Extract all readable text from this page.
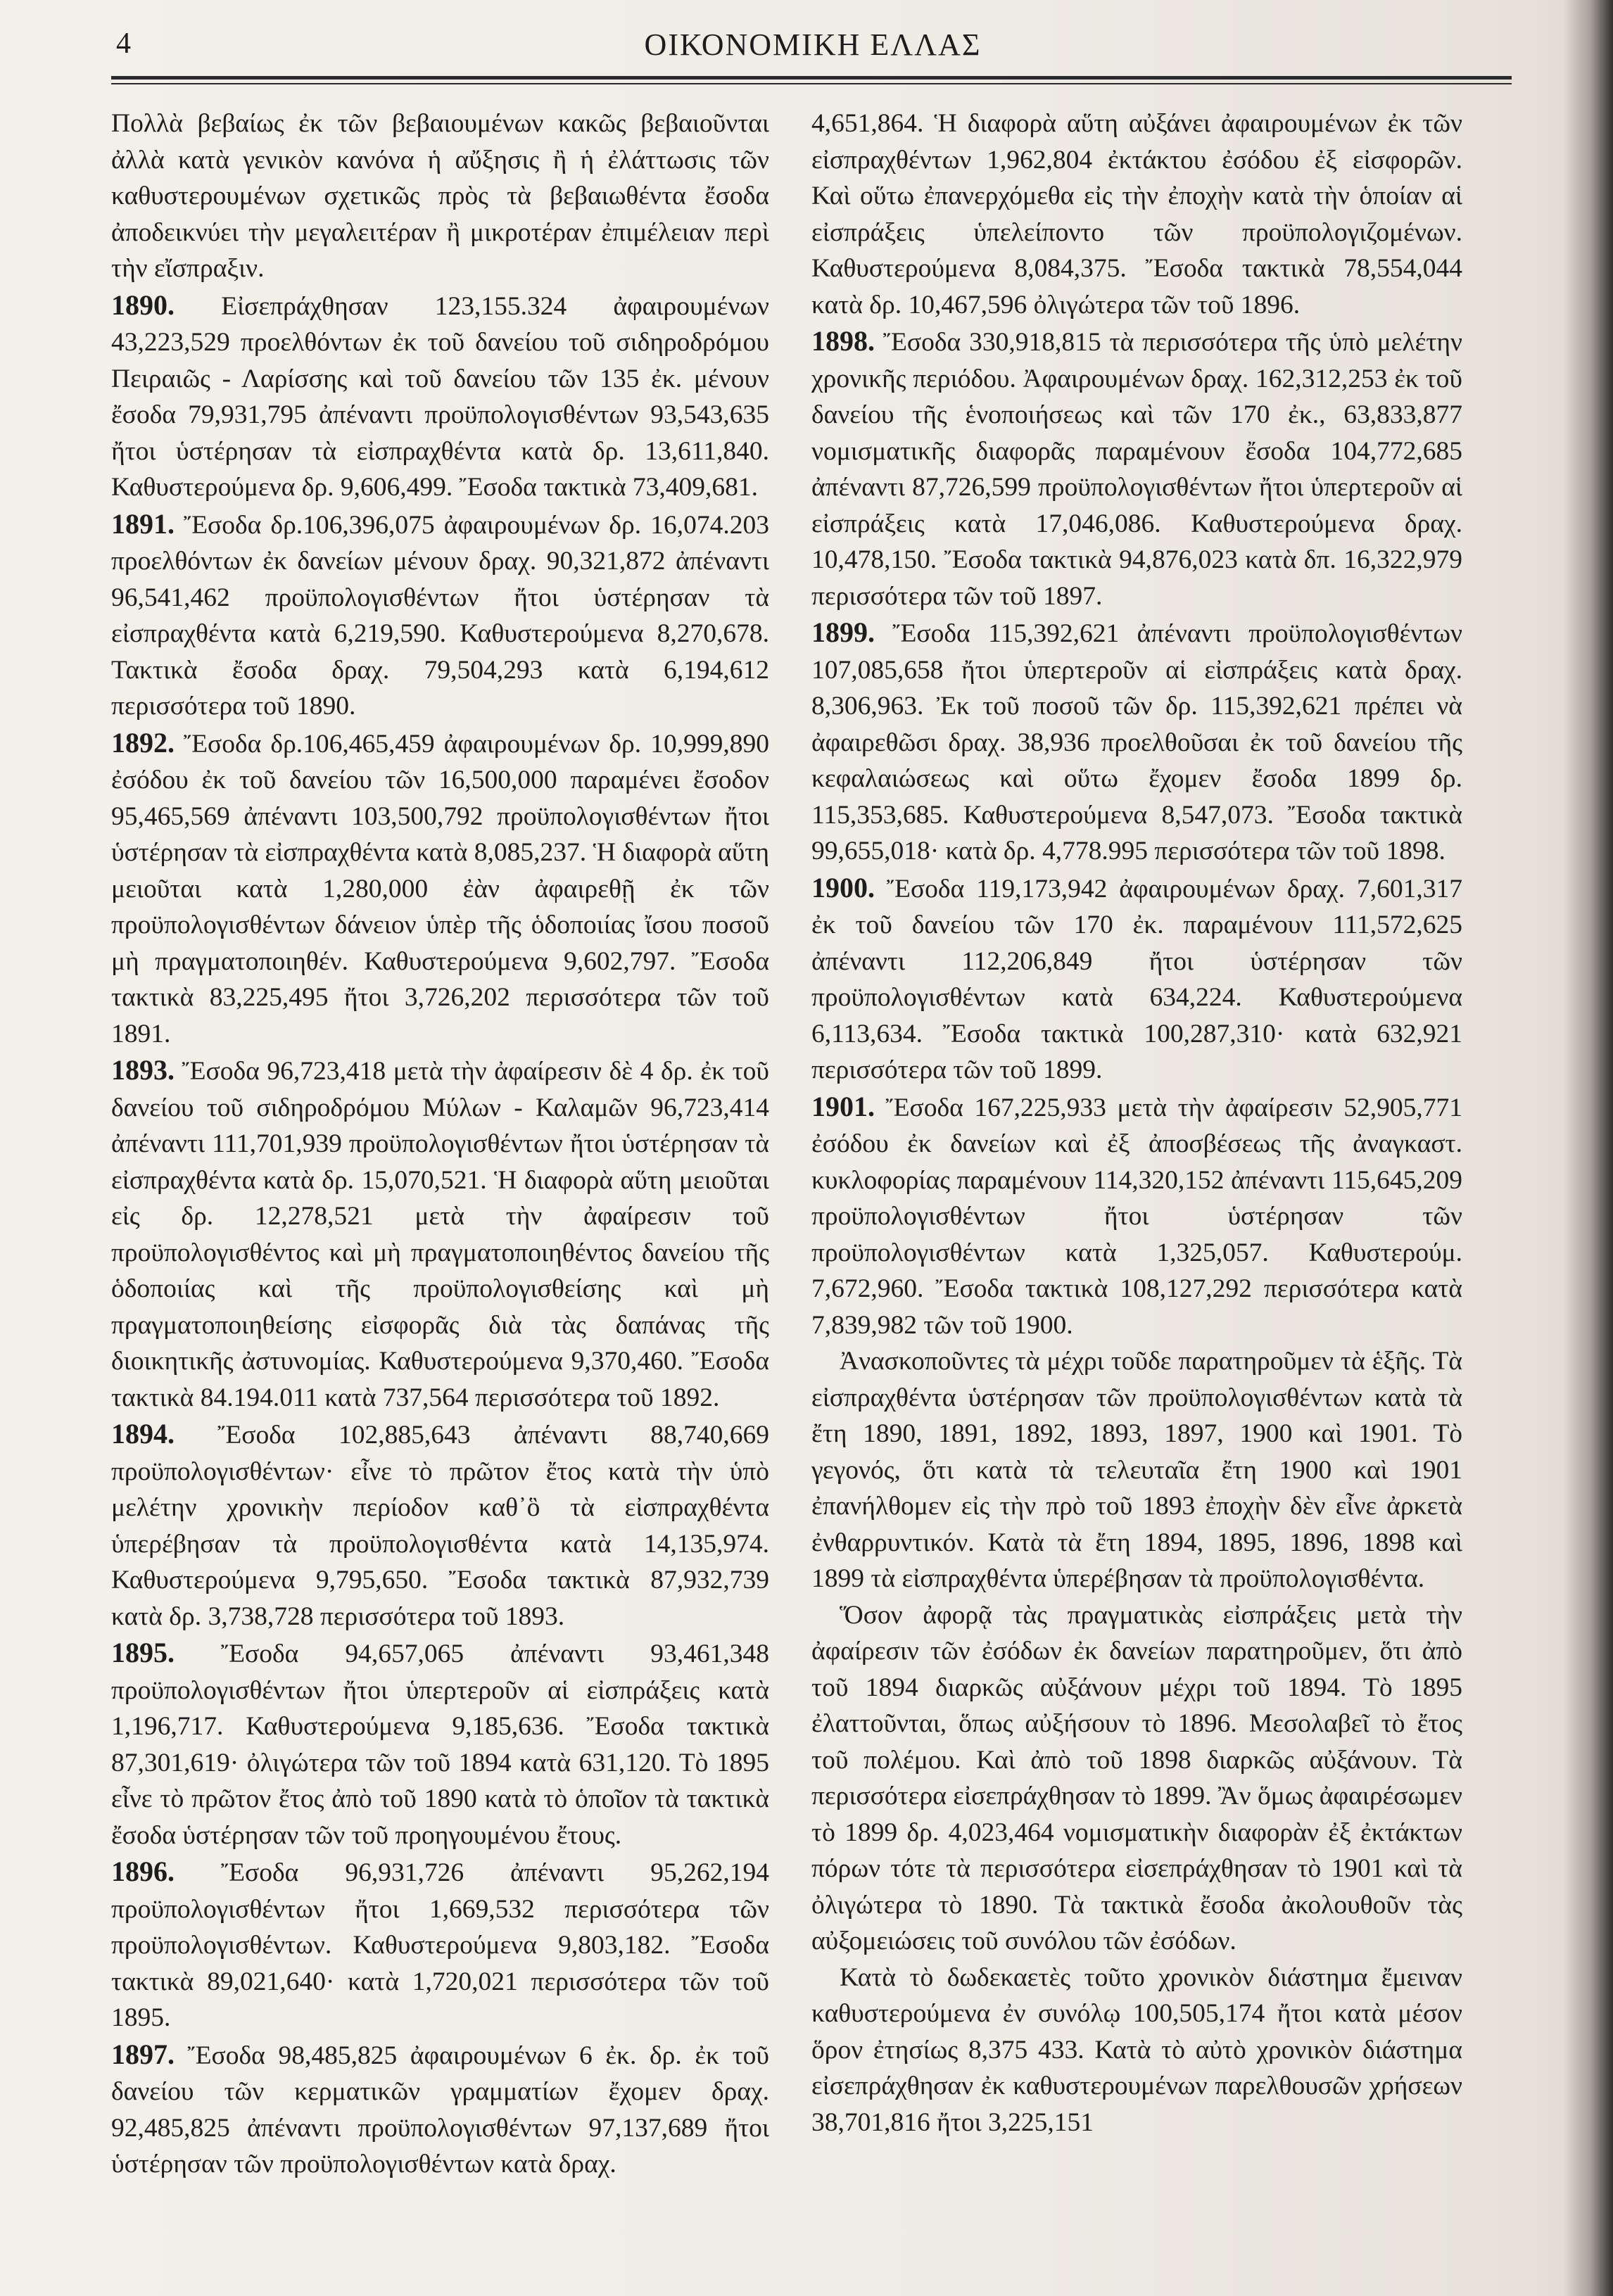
4	ΟΙΚΟΝΟΜΙΚΗ ΕΛΛΑΣ

Πολλὰ βεβαίως ἐκ τῶν βεβαιουμένων κακῶς βεβαιοῦνται ἀλλὰ κατὰ γενικὸν κανόνα ἡ αὔξησις ἢ ἡ ἐλάττωσις τῶν καθυστερουμένων σχετικῶς πρὸς τὰ βεβαιωθέντα ἔσοδα ἀποδεικνύει τὴν μεγαλειτέραν ἢ μικροτέραν ἐπιμέλειαν περὶ τὴν εἴσπραξιν.

1890. Εἰσεπράχθησαν 123,155.324 ἀφαιρουμένων 43,223,529 προελθόντων ἐκ τοῦ δανείου τοῦ σιδηροδρόμου Πειραιῶς - Λαρίσσης καὶ τοῦ δανείου τῶν 135 ἐκ. μένουν ἔσοδα 79,931,795 ἀπέναντι προϋπολογισθέντων 93,543,635 ἤτοι ὑστέρησαν τὰ εἰσπραχθέντα κατὰ δρ. 13,611,840. Καθυστερούμενα δρ. 9,606,499. Ἔσοδα τακτικὰ 73,409,681.

1891. Ἔσοδα δρ.106,396,075 ἀφαιρουμένων δρ. 16,074.203 προελθόντων ἐκ δανείων μένουν δραχ. 90,321,872 ἀπέναντι 96,541,462 προϋπολογισθέντων ἤτοι ὑστέρησαν τὰ εἰσπραχθέντα κατὰ 6,219,590. Καθυστερούμενα 8,270,678. Τακτικὰ ἔσοδα δραχ. 79,504,293 κατὰ 6,194,612 περισσότερα τοῦ 1890.

1892. Ἔσοδα δρ.106,465,459 ἀφαιρουμένων δρ. 10,999,890 ἐσόδου ἐκ τοῦ δανείου τῶν 16,500,000 παραμένει ἔσοδον 95,465,569 ἀπέναντι 103,500,792 προϋπολογισθέντων ἤτοι ὑστέρησαν τὰ εἰσπραχθέντα κατὰ 8,085,237. Ἡ διαφορὰ αὕτη μειοῦται κατὰ 1,280,000 ἐὰν ἀφαιρεθῇ ἐκ τῶν προϋπολογισθέντων δάνειον ὑπὲρ τῆς ὁδοποιίας ἴσου ποσοῦ μὴ πραγματοποιηθέν. Καθυστερούμενα 9,602,797. Ἔσοδα τακτικὰ 83,225,495 ἤτοι 3,726,202 περισσότερα τῶν τοῦ 1891.

1893. Ἔσοδα 96,723,418 μετὰ τὴν ἀφαίρεσιν δὲ 4 δρ. ἐκ τοῦ δανείου τοῦ σιδηροδρόμου Μύλων - Καλαμῶν 96,723,414 ἀπέναντι 111,701,939 προϋπολογισθέντων ἤτοι ὑστέρησαν τὰ εἰσπραχθέντα κατὰ δρ. 15,070,521. Ἡ διαφορὰ αὕτη μειοῦται εἰς δρ. 12,278,521 μετὰ τὴν ἀφαίρεσιν τοῦ προϋπολογισθέντος καὶ μὴ πραγματοποιηθέντος δανείου τῆς ὁδοποιίας καὶ τῆς προϋπολογισθείσης καὶ μὴ πραγματοποιηθείσης εἰσφορᾶς διὰ τὰς δαπάνας τῆς διοικητικῆς ἀστυνομίας. Καθυστερούμενα 9,370,460. Ἔσοδα τακτικὰ 84.194.011 κατὰ 737,564 περισσότερα τοῦ 1892.

1894. Ἔσοδα 102,885,643 ἀπέναντι 88,740,669 προϋπολογισθέντων· εἶνε τὸ πρῶτον ἔτος κατὰ τὴν ὑπὸ μελέτην χρονικὴν περίοδον καθ᾽ὃ τὰ εἰσπραχθέντα ὑπερέβησαν τὰ προϋπολογισθέντα κατὰ 14,135,974. Καθυστερούμενα 9,795,650. Ἔσοδα τακτικὰ 87,932,739 κατὰ δρ. 3,738,728 περισσότερα τοῦ 1893.

1895. Ἔσοδα 94,657,065 ἀπέναντι 93,461,348 προϋπολογισθέντων ἤτοι ὑπερτεροῦν αἱ εἰσπράξεις κατὰ 1,196,717. Καθυστερούμενα 9,185,636. Ἔσοδα τακτικὰ 87,301,619· ὀλιγώτερα τῶν τοῦ 1894 κατὰ 631,120. Τὸ 1895 εἶνε τὸ πρῶτον ἔτος ἀπὸ τοῦ 1890 κατὰ τὸ ὁποῖον τὰ τακτικὰ ἔσοδα ὑστέρησαν τῶν τοῦ προηγουμένου ἔτους.

1896. Ἔσοδα 96,931,726 ἀπέναντι 95,262,194 προϋπολογισθέντων ἤτοι 1,669,532 περισσότερα τῶν προϋπολογισθέντων. Καθυστερούμενα 9,803,182. Ἔσοδα τακτικὰ 89,021,640· κατὰ 1,720,021 περισσότερα τῶν τοῦ 1895.

1897. Ἔσοδα 98,485,825 ἀφαιρουμένων 6 ἐκ. δρ. ἐκ τοῦ δανείου τῶν κερματικῶν γραμματίων ἔχομεν δραχ. 92,485,825 ἀπέναντι προϋπολογισθέντων 97,137,689 ἤτοι ὑστέρησαν τῶν προϋπολογισθέντων κατὰ δραχ.

4,651,864. Ἡ διαφορὰ αὕτη αὐξάνει ἀφαιρουμένων ἐκ τῶν εἰσπραχθέντων 1,962,804 ἐκτάκτου ἐσόδου ἐξ εἰσφορῶν. Καὶ οὕτω ἐπανερχόμεθα εἰς τὴν ἐποχὴν κατὰ τὴν ὁποίαν αἱ εἰσπράξεις ὑπελείποντο τῶν προϋπολογιζομένων. Καθυστερούμενα 8,084,375. Ἔσοδα τακτικὰ 78,554,044 κατὰ δρ. 10,467,596 ὀλιγώτερα τῶν τοῦ 1896.

1898. Ἔσοδα 330,918,815 τὰ περισσότερα τῆς ὑπὸ μελέτην χρονικῆς περιόδου. Ἀφαιρουμένων δραχ. 162,312,253 ἐκ τοῦ δανείου τῆς ἑνοποιήσεως καὶ τῶν 170 ἐκ., 63,833,877 νομισματικῆς διαφορᾶς παραμένουν ἔσοδα 104,772,685 ἀπέναντι 87,726,599 προϋπολογισθέντων ἤτοι ὑπερτεροῦν αἱ εἰσπράξεις κατὰ 17,046,086. Καθυστερούμενα δραχ. 10,478,150. Ἔσοδα τακτικὰ 94,876,023 κατὰ δπ. 16,322,979 περισσότερα τῶν τοῦ 1897.

1899. Ἔσοδα 115,392,621 ἀπέναντι προϋπολογισθέντων 107,085,658 ἤτοι ὑπερτεροῦν αἱ εἰσπράξεις κατὰ δραχ. 8,306,963. Ἐκ τοῦ ποσοῦ τῶν δρ. 115,392,621 πρέπει νὰ ἀφαιρεθῶσι δραχ. 38,936 προελθοῦσαι ἐκ τοῦ δανείου τῆς κεφαλαιώσεως καὶ οὕτω ἔχομεν ἔσοδα 1899 δρ. 115,353,685. Καθυστερούμενα 8,547,073. Ἔσοδα τακτικὰ 99,655,018· κατὰ δρ. 4,778.995 περισσότερα τῶν τοῦ 1898.

1900. Ἔσοδα 119,173,942 ἀφαιρουμένων δραχ. 7,601,317 ἐκ τοῦ δανείου τῶν 170 ἐκ. παραμένουν 111,572,625 ἀπέναντι 112,206,849 ἤτοι ὑστέρησαν τῶν προϋπολογισθέντων κατὰ 634,224. Καθυστερούμενα 6,113,634. Ἔσοδα τακτικὰ 100,287,310· κατὰ 632,921 περισσότερα τῶν τοῦ 1899.

1901. Ἔσοδα 167,225,933 μετὰ τὴν ἀφαίρεσιν 52,905,771 ἐσόδου ἐκ δανείων καὶ ἐξ ἀποσβέσεως τῆς ἀναγκαστ. κυκλοφορίας παραμένουν 114,320,152 ἀπέναντι 115,645,209 προϋπολογισθέντων ἤτοι ὑστέρησαν τῶν προϋπολογισθέντων κατὰ 1,325,057. Καθυστερούμ. 7,672,960. Ἔσοδα τακτικὰ 108,127,292 περισσότερα κατὰ 7,839,982 τῶν τοῦ 1900.

Ἀνασκοποῦντες τὰ μέχρι τοῦδε παρατηροῦμεν τὰ ἑξῆς. Τὰ εἰσπραχθέντα ὑστέρησαν τῶν προϋπολογισθέντων κατὰ τὰ ἔτη 1890, 1891, 1892, 1893, 1897, 1900 καὶ 1901. Τὸ γεγονός, ὅτι κατὰ τὰ τελευταῖα ἔτη 1900 καὶ 1901 ἐπανήλθομεν εἰς τὴν πρὸ τοῦ 1893 ἐποχὴν δὲν εἶνε ἀρκετὰ ἐνθαρρυντικόν. Κατὰ τὰ ἔτη 1894, 1895, 1896, 1898 καὶ 1899 τὰ εἰσπραχθέντα ὑπερέβησαν τὰ προϋπολογισθέντα.

Ὅσον ἀφορᾷ τὰς πραγματικὰς εἰσπράξεις μετὰ τὴν ἀφαίρεσιν τῶν ἐσόδων ἐκ δανείων παρατηροῦμεν, ὅτι ἀπὸ τοῦ 1894 διαρκῶς αὐξάνουν μέχρι τοῦ 1894. Τὸ 1895 ἐλαττοῦνται, ὅπως αὐξήσουν τὸ 1896. Μεσολαβεῖ τὸ ἔτος τοῦ πολέμου. Καὶ ἀπὸ τοῦ 1898 διαρκῶς αὐξάνουν. Τὰ περισσότερα εἰσεπράχθησαν τὸ 1899. Ἂν ὅμως ἀφαιρέσωμεν τὸ 1899 δρ. 4,023,464 νομισματικὴν διαφορὰν ἐξ ἐκτάκτων πόρων τότε τὰ περισσότερα εἰσεπράχθησαν τὸ 1901 καὶ τὰ ὀλιγώτερα τὸ 1890. Τὰ τακτικὰ ἔσοδα ἀκολουθοῦν τὰς αὐξομειώσεις τοῦ συνόλου τῶν ἐσόδων.

Κατὰ τὸ δωδεκαετὲς τοῦτο χρονικὸν διάστημα ἔμειναν καθυστερούμενα ἐν συνόλῳ 100,505,174 ἤτοι κατὰ μέσον ὅρον ἐτησίως 8,375 433. Κατὰ τὸ αὐτὸ χρονικὸν διάστημα εἰσεπράχθησαν ἐκ καθυστερουμένων παρελθουσῶν χρήσεων 38,701,816 ἤτοι 3,225,151
